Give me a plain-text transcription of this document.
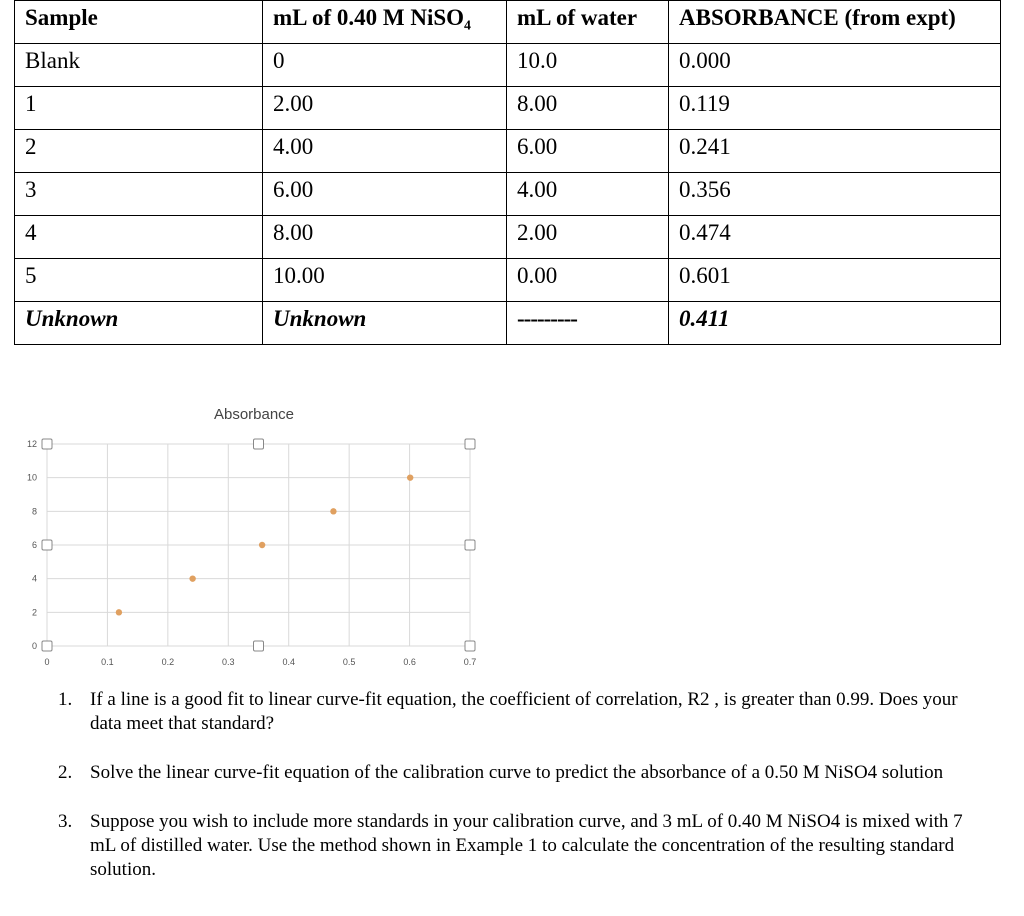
Sample	mL of 0.40 M NiSO₄	mL of water	ABSORBANCE (from expt)

Blank	0	10.0	0.000

1	2.00	8.00	0.119

2	4.00	6.00	0.241

3	6.00	4.00	0.356

4	8.00	2.00	0.474

5	10.00	0.00	0.601

Unknown	Unknown	---------	0.411
Absorbance
0	0.1	0.2	0.3	0.4	0.5	0.6	0.7
0
2
4
6
8
10
12
1. If a line is a good fit to linear curve-fit equation, the coefficient of correlation, R2 , is greater than 0.99. Does your data meet that standard?
2. Solve the linear curve-fit equation of the calibration curve to predict the absorbance of a 0.50 M NiSO4 solution
3. Suppose you wish to include more standards in your calibration curve, and 3 mL of 0.40 M NiSO4 is mixed with 7 mL of distilled water. Use the method shown in Example 1 to calculate the concentration of the resulting standard solution.
